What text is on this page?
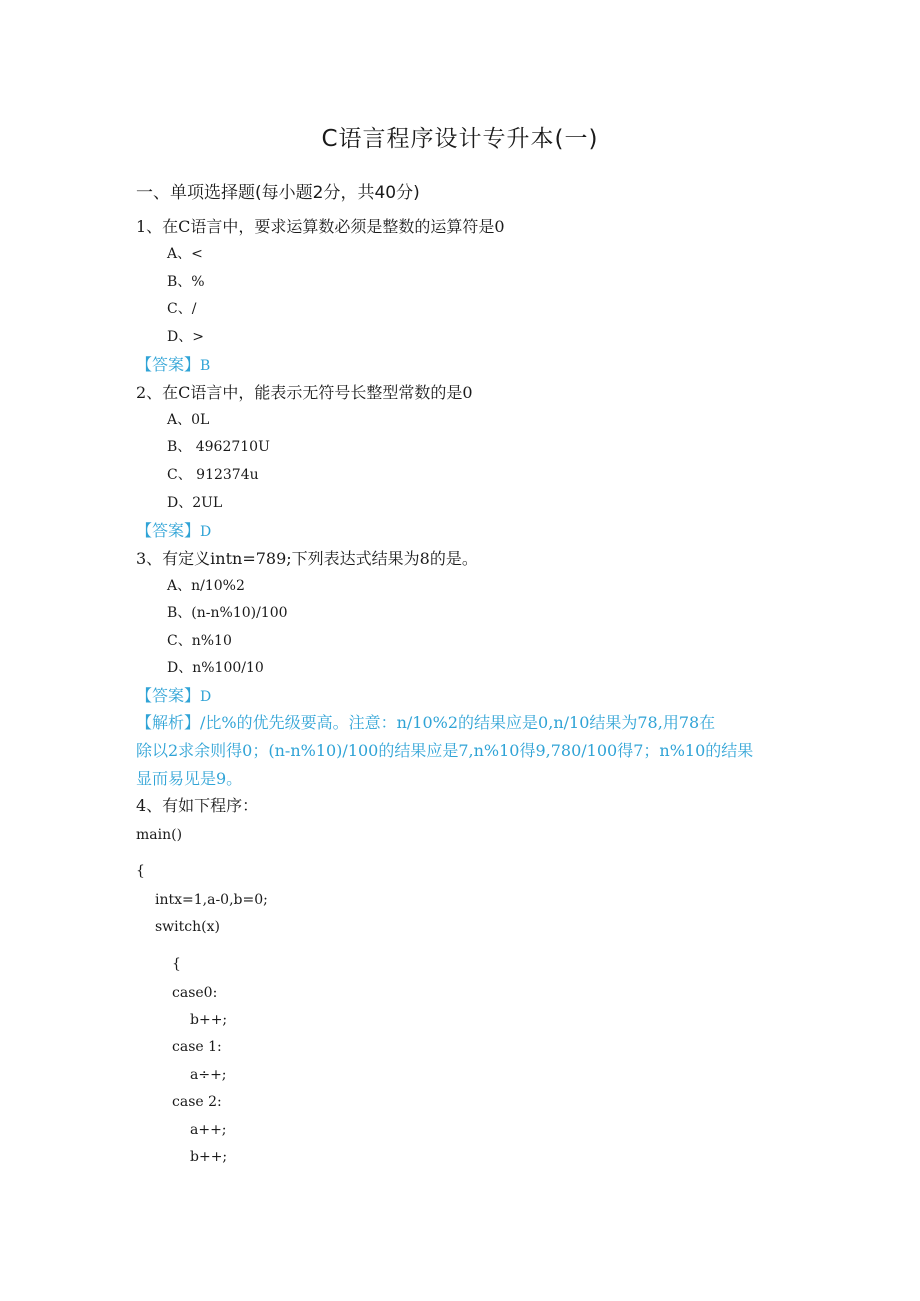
C语言程序设计专升本(一)
一、单项选择题(每小题2分，共40分)
1、在C语言中，要求运算数必须是整数的运算符是0
A、<
B、%
C、/
D、>
【答案】B
2、在C语言中，能表示无符号长整型常数的是0
A、0L
B、 4962710U
C、 912374u
D、2UL
【答案】D
3、有定义intn=789;下列表达式结果为8的是。
A、n/10%2
B、(n-n%10)/100
C、n%10
D、n%100/10
【答案】D
【解析】/比%的优先级要高。注意：n/10%2的结果应是0,n/10结果为78,用78在
除以2求余则得0；(n-n%10)/100的结果应是7,n%10得9,780/100得7；n%10的结果
显而易见是9。
4、有如下程序：
main()
{
intx=1,a-0,b=0;
switch(x)
{
case0:
b++;
case 1:
a÷+;
case 2:
a++;
b++;
